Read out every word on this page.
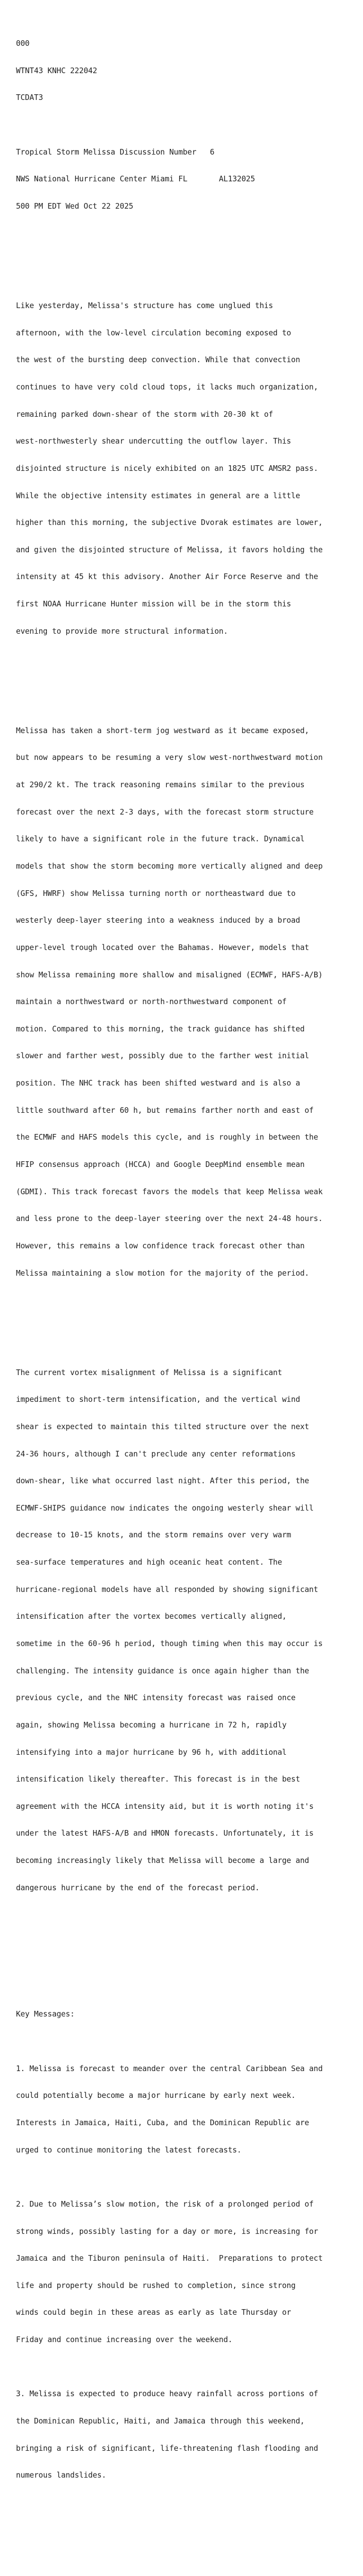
000

WTNT43 KNHC 222042

TCDAT3

Tropical Storm Melissa Discussion Number   6

NWS National Hurricane Center Miami FL       AL132025

500 PM EDT Wed Oct 22 2025

Like yesterday, Melissa's structure has come unglued this

afternoon, with the low-level circulation becoming exposed to

the west of the bursting deep convection. While that convection

continues to have very cold cloud tops, it lacks much organization,

remaining parked down-shear of the storm with 20-30 kt of

west-northwesterly shear undercutting the outflow layer. This

disjointed structure is nicely exhibited on an 1825 UTC AMSR2 pass.

While the objective intensity estimates in general are a little

higher than this morning, the subjective Dvorak estimates are lower,

and given the disjointed structure of Melissa, it favors holding the

intensity at 45 kt this advisory. Another Air Force Reserve and the

first NOAA Hurricane Hunter mission will be in the storm this

evening to provide more structural information.

Melissa has taken a short-term jog westward as it became exposed,

but now appears to be resuming a very slow west-northwestward motion

at 290/2 kt. The track reasoning remains similar to the previous

forecast over the next 2-3 days, with the forecast storm structure

likely to have a significant role in the future track. Dynamical

models that show the storm becoming more vertically aligned and deep

(GFS, HWRF) show Melissa turning north or northeastward due to

westerly deep-layer steering into a weakness induced by a broad

upper-level trough located over the Bahamas. However, models that

show Melissa remaining more shallow and misaligned (ECMWF, HAFS-A/B)

maintain a northwestward or north-northwestward component of

motion. Compared to this morning, the track guidance has shifted

slower and farther west, possibly due to the farther west initial

position. The NHC track has been shifted westward and is also a

little southward after 60 h, but remains farther north and east of

the ECMWF and HAFS models this cycle, and is roughly in between the

HFIP consensus approach (HCCA) and Google DeepMind ensemble mean

(GDMI). This track forecast favors the models that keep Melissa weak

and less prone to the deep-layer steering over the next 24-48 hours.

However, this remains a low confidence track forecast other than

Melissa maintaining a slow motion for the majority of the period.

The current vortex misalignment of Melissa is a significant

impediment to short-term intensification, and the vertical wind

shear is expected to maintain this tilted structure over the next

24-36 hours, although I can't preclude any center reformations

down-shear, like what occurred last night. After this period, the

ECMWF-SHIPS guidance now indicates the ongoing westerly shear will

decrease to 10-15 knots, and the storm remains over very warm

sea-surface temperatures and high oceanic heat content. The

hurricane-regional models have all responded by showing significant

intensification after the vortex becomes vertically aligned,

sometime in the 60-96 h period, though timing when this may occur is

challenging. The intensity guidance is once again higher than the

previous cycle, and the NHC intensity forecast was raised once

again, showing Melissa becoming a hurricane in 72 h, rapidly

intensifying into a major hurricane by 96 h, with additional

intensification likely thereafter. This forecast is in the best

agreement with the HCCA intensity aid, but it is worth noting it's

under the latest HAFS-A/B and HMON forecasts. Unfortunately, it is

becoming increasingly likely that Melissa will become a large and

dangerous hurricane by the end of the forecast period.

Key Messages:

1. Melissa is forecast to meander over the central Caribbean Sea and

could potentially become a major hurricane by early next week.

Interests in Jamaica, Haiti, Cuba, and the Dominican Republic are

urged to continue monitoring the latest forecasts.

2. Due to Melissa’s slow motion, the risk of a prolonged period of

strong winds, possibly lasting for a day or more, is increasing for

Jamaica and the Tiburon peninsula of Haiti.  Preparations to protect

life and property should be rushed to completion, since strong

winds could begin in these areas as early as late Thursday or

Friday and continue increasing over the weekend.

3. Melissa is expected to produce heavy rainfall across portions of

the Dominican Republic, Haiti, and Jamaica through this weekend,

bringing a risk of significant, life-threatening flash flooding and

numerous landslides.
